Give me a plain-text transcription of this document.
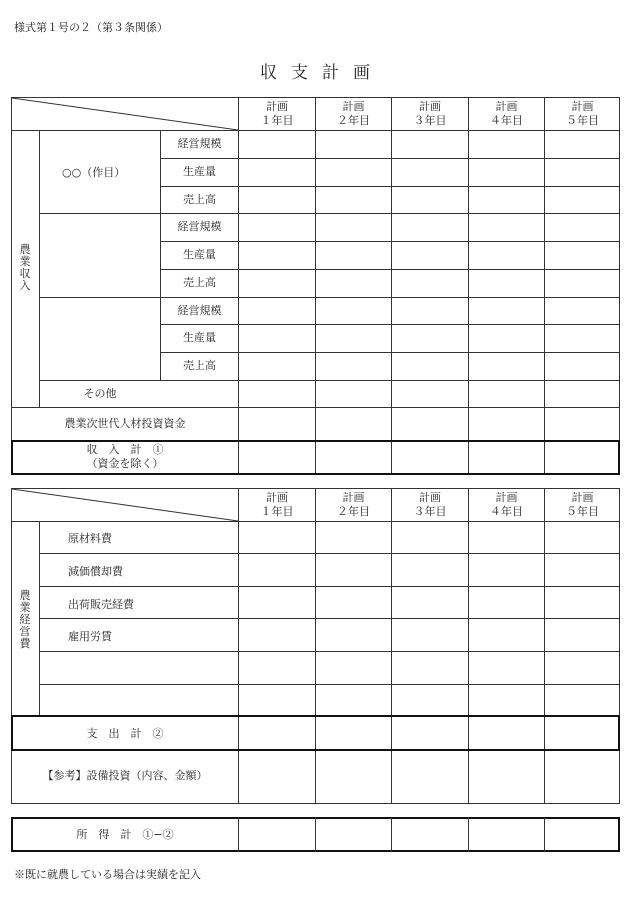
様式第１号の２（第３条関係）
収支計画
計画
１年目
計画
２年目
計画
３年目
計画
４年目
計画
５年目
農業収入
○○（作目）
経営規模
生産量
売上高
経営規模
生産量
売上高
経営規模
生産量
売上高
その他
農業次世代人材投資資金
収　入　計　①
（資金を除く）
計画
１年目
計画
２年目
計画
３年目
計画
４年目
計画
５年目
農業経営費
原材料費
減価償却費
出荷販売経費
雇用労賃
支　出　計　②
【参考】設備投資（内容、金額）
所　得　計　①−②
※既に就農している場合は実績を記入
